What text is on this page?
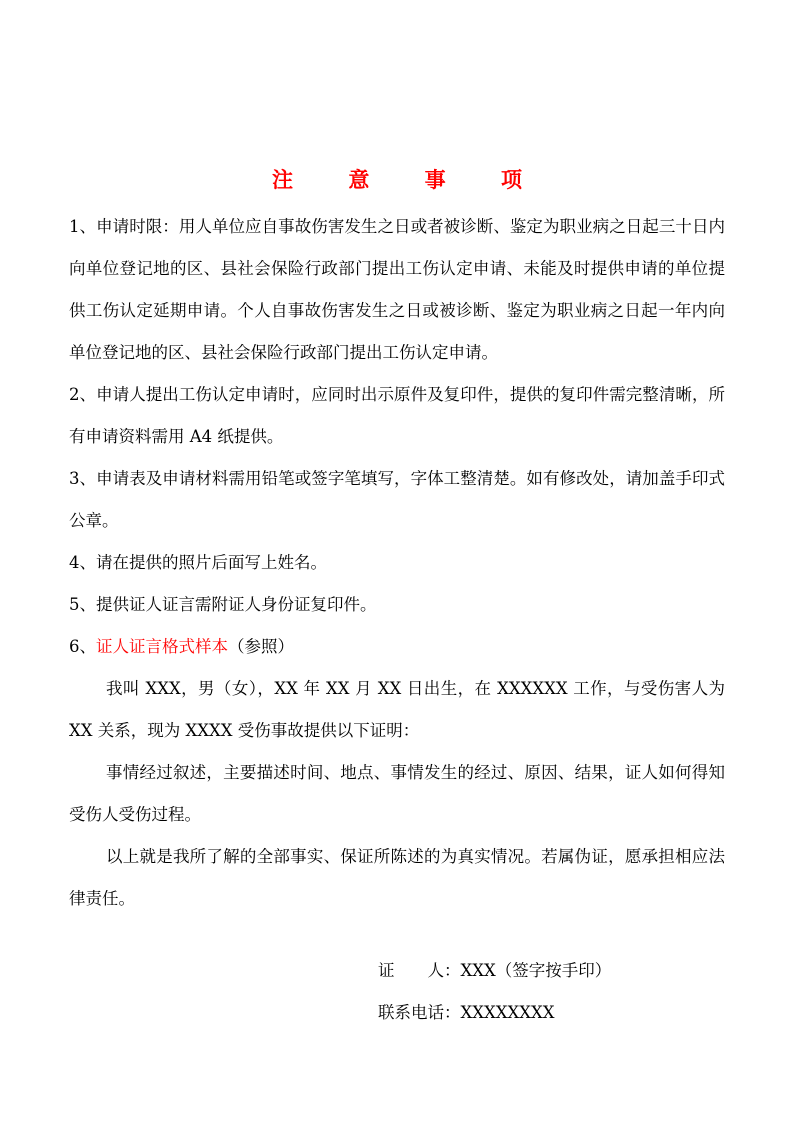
注 意 事 项

1、申请时限：用人单位应自事故伤害发生之日或者被诊断、鉴定为职业病之日起三十日内向单位登记地的区、县社会保险行政部门提出工伤认定申请、未能及时提供申请的单位提供工伤认定延期申请。个人自事故伤害发生之日或被诊断、鉴定为职业病之日起一年内向单位登记地的区、县社会保险行政部门提出工伤认定申请。

2、申请人提出工伤认定申请时，应同时出示原件及复印件，提供的复印件需完整清晰，所有申请资料需用 A4 纸提供。

3、申请表及申请材料需用铅笔或签字笔填写，字体工整清楚。如有修改处，请加盖手印式公章。

4、请在提供的照片后面写上姓名。

5、提供证人证言需附证人身份证复印件。

6、证人证言格式样本（参照）

我叫 XXX，男（女），XX 年 XX 月 XX 日出生，在 XXXXXX 工作，与受伤害人为 XX 关系，现为 XXXX 受伤事故提供以下证明：

事情经过叙述，主要描述时间、地点、事情发生的经过、原因、结果，证人如何得知受伤人受伤过程。

以上就是我所了解的全部事实、保证所陈述的为真实情况。若属伪证，愿承担相应法律责任。

证人：XXX（签字按手印）
联系电话：XXXXXXXX
